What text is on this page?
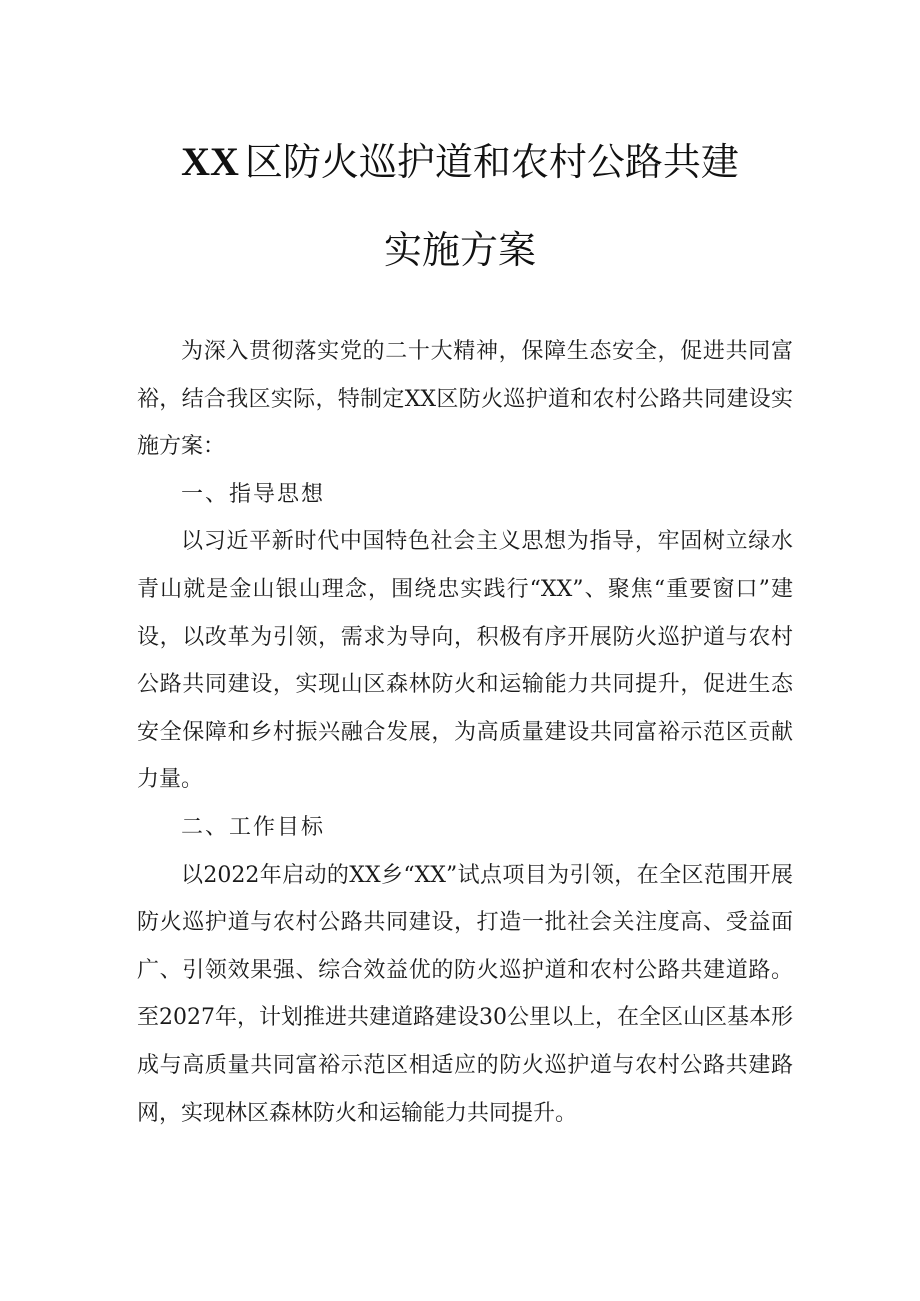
XX 区防火巡护道和农村公路共建
实施方案

为深入贯彻落实党的二十大精神，保障生态安全，促进共同富裕，结合我区实际，特制定XX区防火巡护道和农村公路共同建设实施方案：

一、指导思想

以习近平新时代中国特色社会主义思想为指导，牢固树立绿水青山就是金山银山理念，围绕忠实践行“XX”、聚焦“重要窗口”建设，以改革为引领，需求为导向，积极有序开展防火巡护道与农村公路共同建设，实现山区森林防火和运输能力共同提升，促进生态安全保障和乡村振兴融合发展，为高质量建设共同富裕示范区贡献力量。

二、工作目标

以2022年启动的XX乡“XX”试点项目为引领，在全区范围开展防火巡护道与农村公路共同建设，打造一批社会关注度高、受益面广、引领效果强、综合效益优的防火巡护道和农村公路共建道路。至2027年，计划推进共建道路建设30公里以上，在全区山区基本形成与高质量共同富裕示范区相适应的防火巡护道与农村公路共建路网，实现林区森林防火和运输能力共同提升。
